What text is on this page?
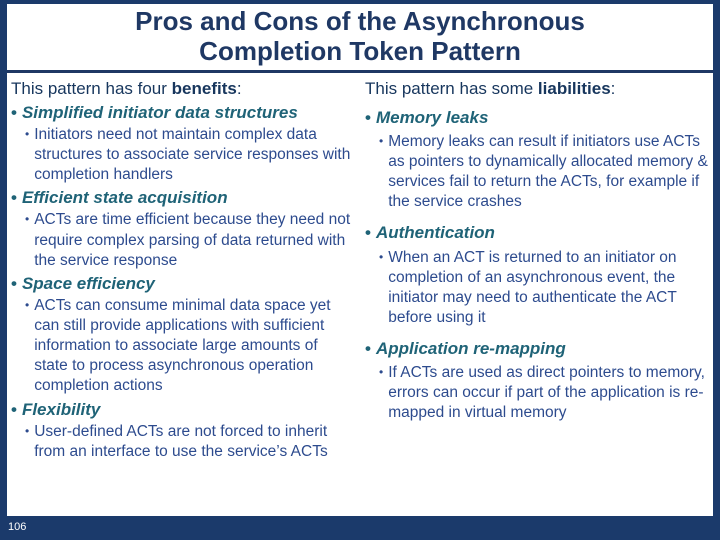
Pros and Cons of the Asynchronous Completion Token Pattern

This pattern has four benefits:

• Simplified initiator data structures
• Initiators need not maintain complex data structures to associate service responses with completion handlers
• Efficient state acquisition
• ACTs are time efficient because they need not require complex parsing of data returned with the service response
• Space efficiency
• ACTs can consume minimal data space yet can still provide applications with sufficient information to associate large amounts of state to process asynchronous operation completion actions
• Flexibility
• User-defined ACTs are not forced to inherit from an interface to use the service’s ACTs

This pattern has some liabilities:

• Memory leaks
• Memory leaks can result if initiators use ACTs as pointers to dynamically allocated memory & services fail to return the ACTs, for example if the service crashes
• Authentication
• When an ACT is returned to an initiator on completion of an asynchronous event, the initiator may need to authenticate the ACT before using it
• Application re-mapping
• If ACTs are used as direct pointers to memory, errors can occur if part of the application is re-mapped in virtual memory
106
